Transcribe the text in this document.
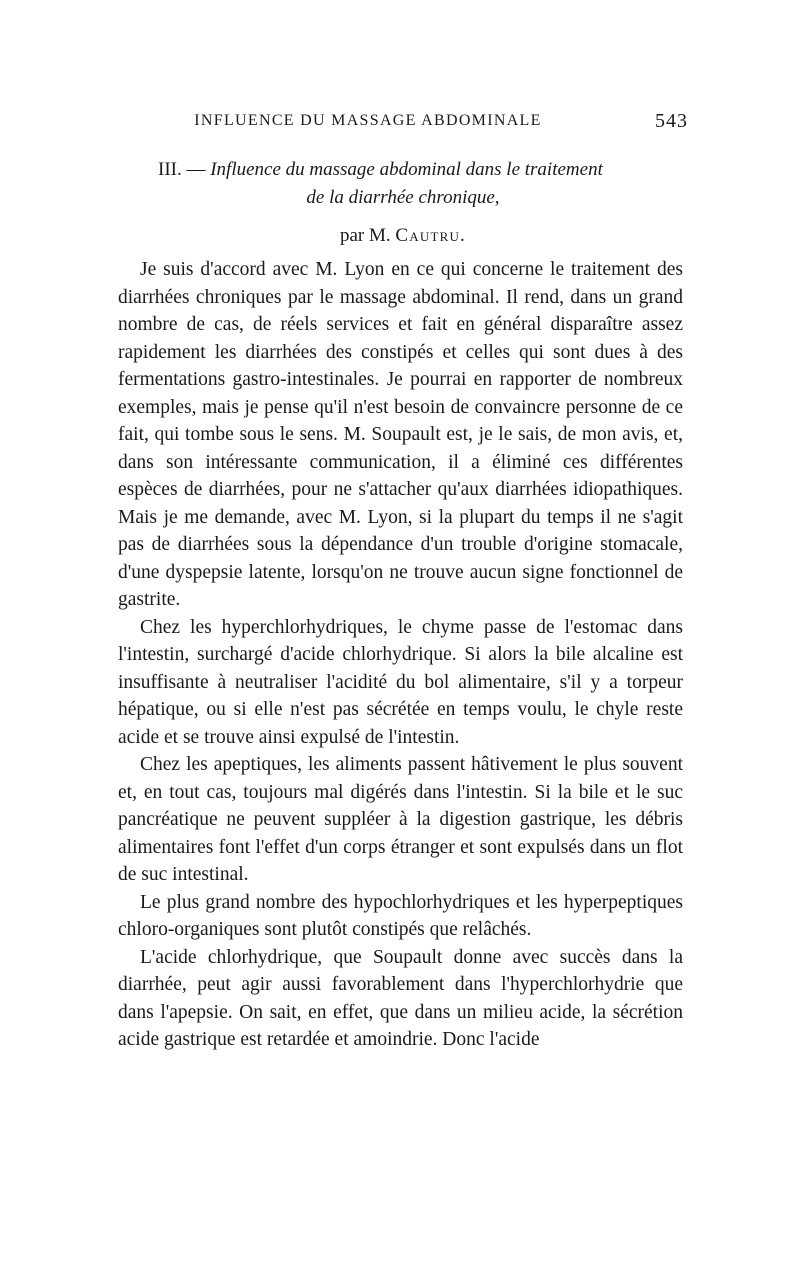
INFLUENCE DU MASSAGE ABDOMINALE	543
III. — Influence du massage abdominal dans le traitement
de la diarrhée chronique,
par M. Cautru.

Je suis d'accord avec M. Lyon en ce qui concerne le traitement des diarrhées chroniques par le massage abdominal. Il rend, dans un grand nombre de cas, de réels services et fait en général disparaître assez rapidement les diarrhées des constipés et celles qui sont dues à des fermentations gastro-intestinales. Je pourrai en rapporter de nombreux exemples, mais je pense qu'il n'est besoin de convaincre personne de ce fait, qui tombe sous le sens. M. Soupault est, je le sais, de mon avis, et, dans son intéressante communication, il a éliminé ces différentes espèces de diarrhées, pour ne s'attacher qu'aux diarrhées idiopathiques. Mais je me demande, avec M. Lyon, si la plupart du temps il ne s'agit pas de diarrhées sous la dépendance d'un trouble d'origine stomacale, d'une dyspepsie latente, lorsqu'on ne trouve aucun signe fonctionnel de gastrite.

Chez les hyperchlorhydriques, le chyme passe de l'estomac dans l'intestin, surchargé d'acide chlorhydrique. Si alors la bile alcaline est insuffisante à neutraliser l'acidité du bol alimentaire, s'il y a torpeur hépatique, ou si elle n'est pas sécrétée en temps voulu, le chyle reste acide et se trouve ainsi expulsé de l'intestin.

Chez les apeptiques, les aliments passent hâtivement le plus souvent et, en tout cas, toujours mal digérés dans l'intestin. Si la bile et le suc pancréatique ne peuvent suppléer à la digestion gastrique, les débris alimentaires font l'effet d'un corps étranger et sont expulsés dans un flot de suc intestinal.

Le plus grand nombre des hypochlorhydriques et les hyperpeptiques chloro-organiques sont plutôt constipés que relâchés.

L'acide chlorhydrique, que Soupault donne avec succès dans la diarrhée, peut agir aussi favorablement dans l'hyperchlorhydrie que dans l'apepsie. On sait, en effet, que dans un milieu acide, la sécrétion acide gastrique est retardée et amoindrie. Donc l'acide
